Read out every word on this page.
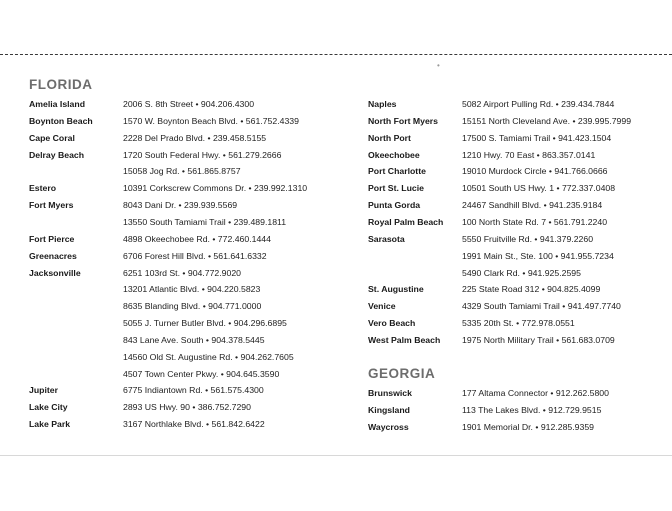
•
FLORIDA
Amelia Island	2006 S. 8th Street • 904.206.4300
Boynton Beach	1570 W. Boynton Beach Blvd. • 561.752.4339
Cape Coral	2228 Del Prado Blvd. • 239.458.5155
Delray Beach	1720 South Federal Hwy. • 561.279.2666
15058 Jog Rd. • 561.865.8757
Estero	10391 Corkscrew Commons Dr. • 239.992.1310
Fort Myers	8043 Dani Dr. • 239.939.5569
13550 South Tamiami Trail • 239.489.1811
Fort Pierce	4898 Okeechobee Rd. • 772.460.1444
Greenacres	6706 Forest Hill Blvd. • 561.641.6332
Jacksonville	6251 103rd St. • 904.772.9020
13201 Atlantic Blvd. • 904.220.5823
8635 Blanding Blvd. • 904.771.0000
5055 J. Turner Butler Blvd. • 904.296.6895
843 Lane Ave. South • 904.378.5445
14560 Old St. Augustine Rd. • 904.262.7605
4507 Town Center Pkwy. • 904.645.3590
Jupiter	6775 Indiantown Rd. • 561.575.4300
Lake City	2893 US Hwy. 90 • 386.752.7290
Lake Park	3167 Northlake Blvd. • 561.842.6422
Naples	5082 Airport Pulling Rd. • 239.434.7844
North Fort Myers	15151 North Cleveland Ave. • 239.995.7999
North Port	17500 S. Tamiami Trail • 941.423.1504
Okeechobee	1210 Hwy. 70 East • 863.357.0141
Port Charlotte	19010 Murdock Circle • 941.766.0666
Port St. Lucie	10501 South US Hwy. 1 • 772.337.0408
Punta Gorda	24467 Sandhill Blvd. • 941.235.9184
Royal Palm Beach 100 North State Rd. 7 • 561.791.2240
Sarasota	5550 Fruitville Rd. • 941.379.2260
1991 Main St., Ste. 100 • 941.955.7234
5490 Clark Rd. • 941.925.2595
St. Augustine	225 State Road 312 • 904.825.4099
Venice	4329 South Tamiami Trail • 941.497.7740
Vero Beach	5335 20th St. • 772.978.0551
West Palm Beach 1975 North Military Trail • 561.683.0709
GEORGIA
Brunswick	177 Altama Connector • 912.262.5800
Kingsland	113 The Lakes Blvd. • 912.729.9515
Waycross	1901 Memorial Dr. • 912.285.9359
